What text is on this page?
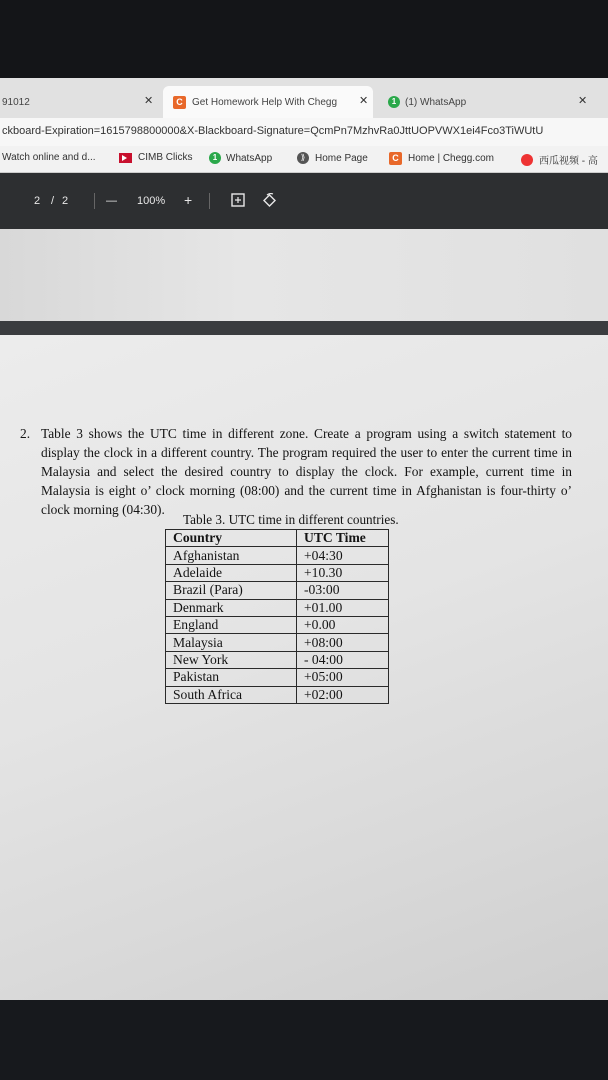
91012	✕	C Get Homework Help With Chegg	✕	1 (1) WhatsApp	✕
ckboard-Expiration=1615798800000&X-Blackboard-Signature=QcmPn7MzhvRa0JttUOPVWX1ei4Fco3TiWUtU
Watch online and d...	CIMB Clicks	1 WhatsApp	⟫ Home Page	C Home | Chegg.com	西瓜视频 - 高
2 / 2	— 100% +
2. Table 3 shows the UTC time in different zone. Create a program using a switch statement to display the clock in a different country. The program required the user to enter the current time in Malaysia and select the desired country to display the clock. For example, current time in Malaysia is eight o’ clock morning (08:00) and the current time in Afghanistan is four-thirty o’ clock morning (04:30).
Table 3. UTC time in different countries.
Country	UTC Time
Afghanistan	+04:30
Adelaide	+10.30
Brazil (Para)	-03:00
Denmark	+01.00
England	+0.00
Malaysia	+08:00
New York	- 04:00
Pakistan	+05:00
South Africa	+02:00
